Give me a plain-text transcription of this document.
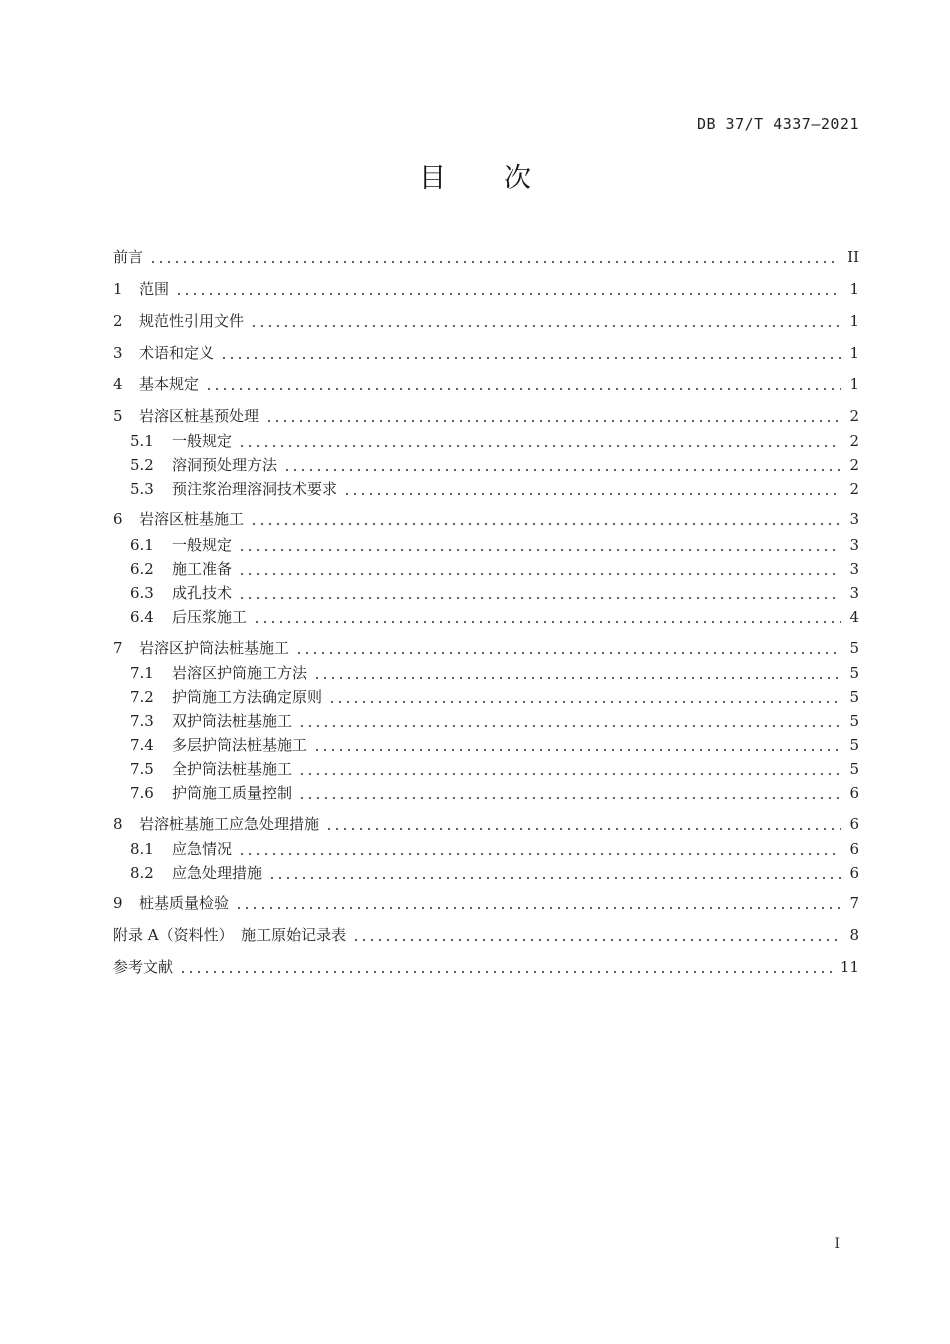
DB 37/T 4337—2021
目次
前言	II
1	范围	1
2	规范性引用文件	1
3	术语和定义	1
4	基本规定	1
5	岩溶区桩基预处理	2
5.1	一般规定	2
5.2	溶洞预处理方法	2
5.3	预注浆治理溶洞技术要求	2
6	岩溶区桩基施工	3
6.1	一般规定	3
6.2	施工准备	3
6.3	成孔技术	3
6.4	后压浆施工	4
7	岩溶区护筒法桩基施工	5
7.1	岩溶区护筒施工方法	5
7.2	护筒施工方法确定原则	5
7.3	双护筒法桩基施工	5
7.4	多层护筒法桩基施工	5
7.5	全护筒法桩基施工	5
7.6	护筒施工质量控制	6
8	岩溶桩基施工应急处理措施	6
8.1	应急情况	6
8.2	应急处理措施	6
9	桩基质量检验	7
附录 A（资料性）　施工原始记录表	8
参考文献	11
I
